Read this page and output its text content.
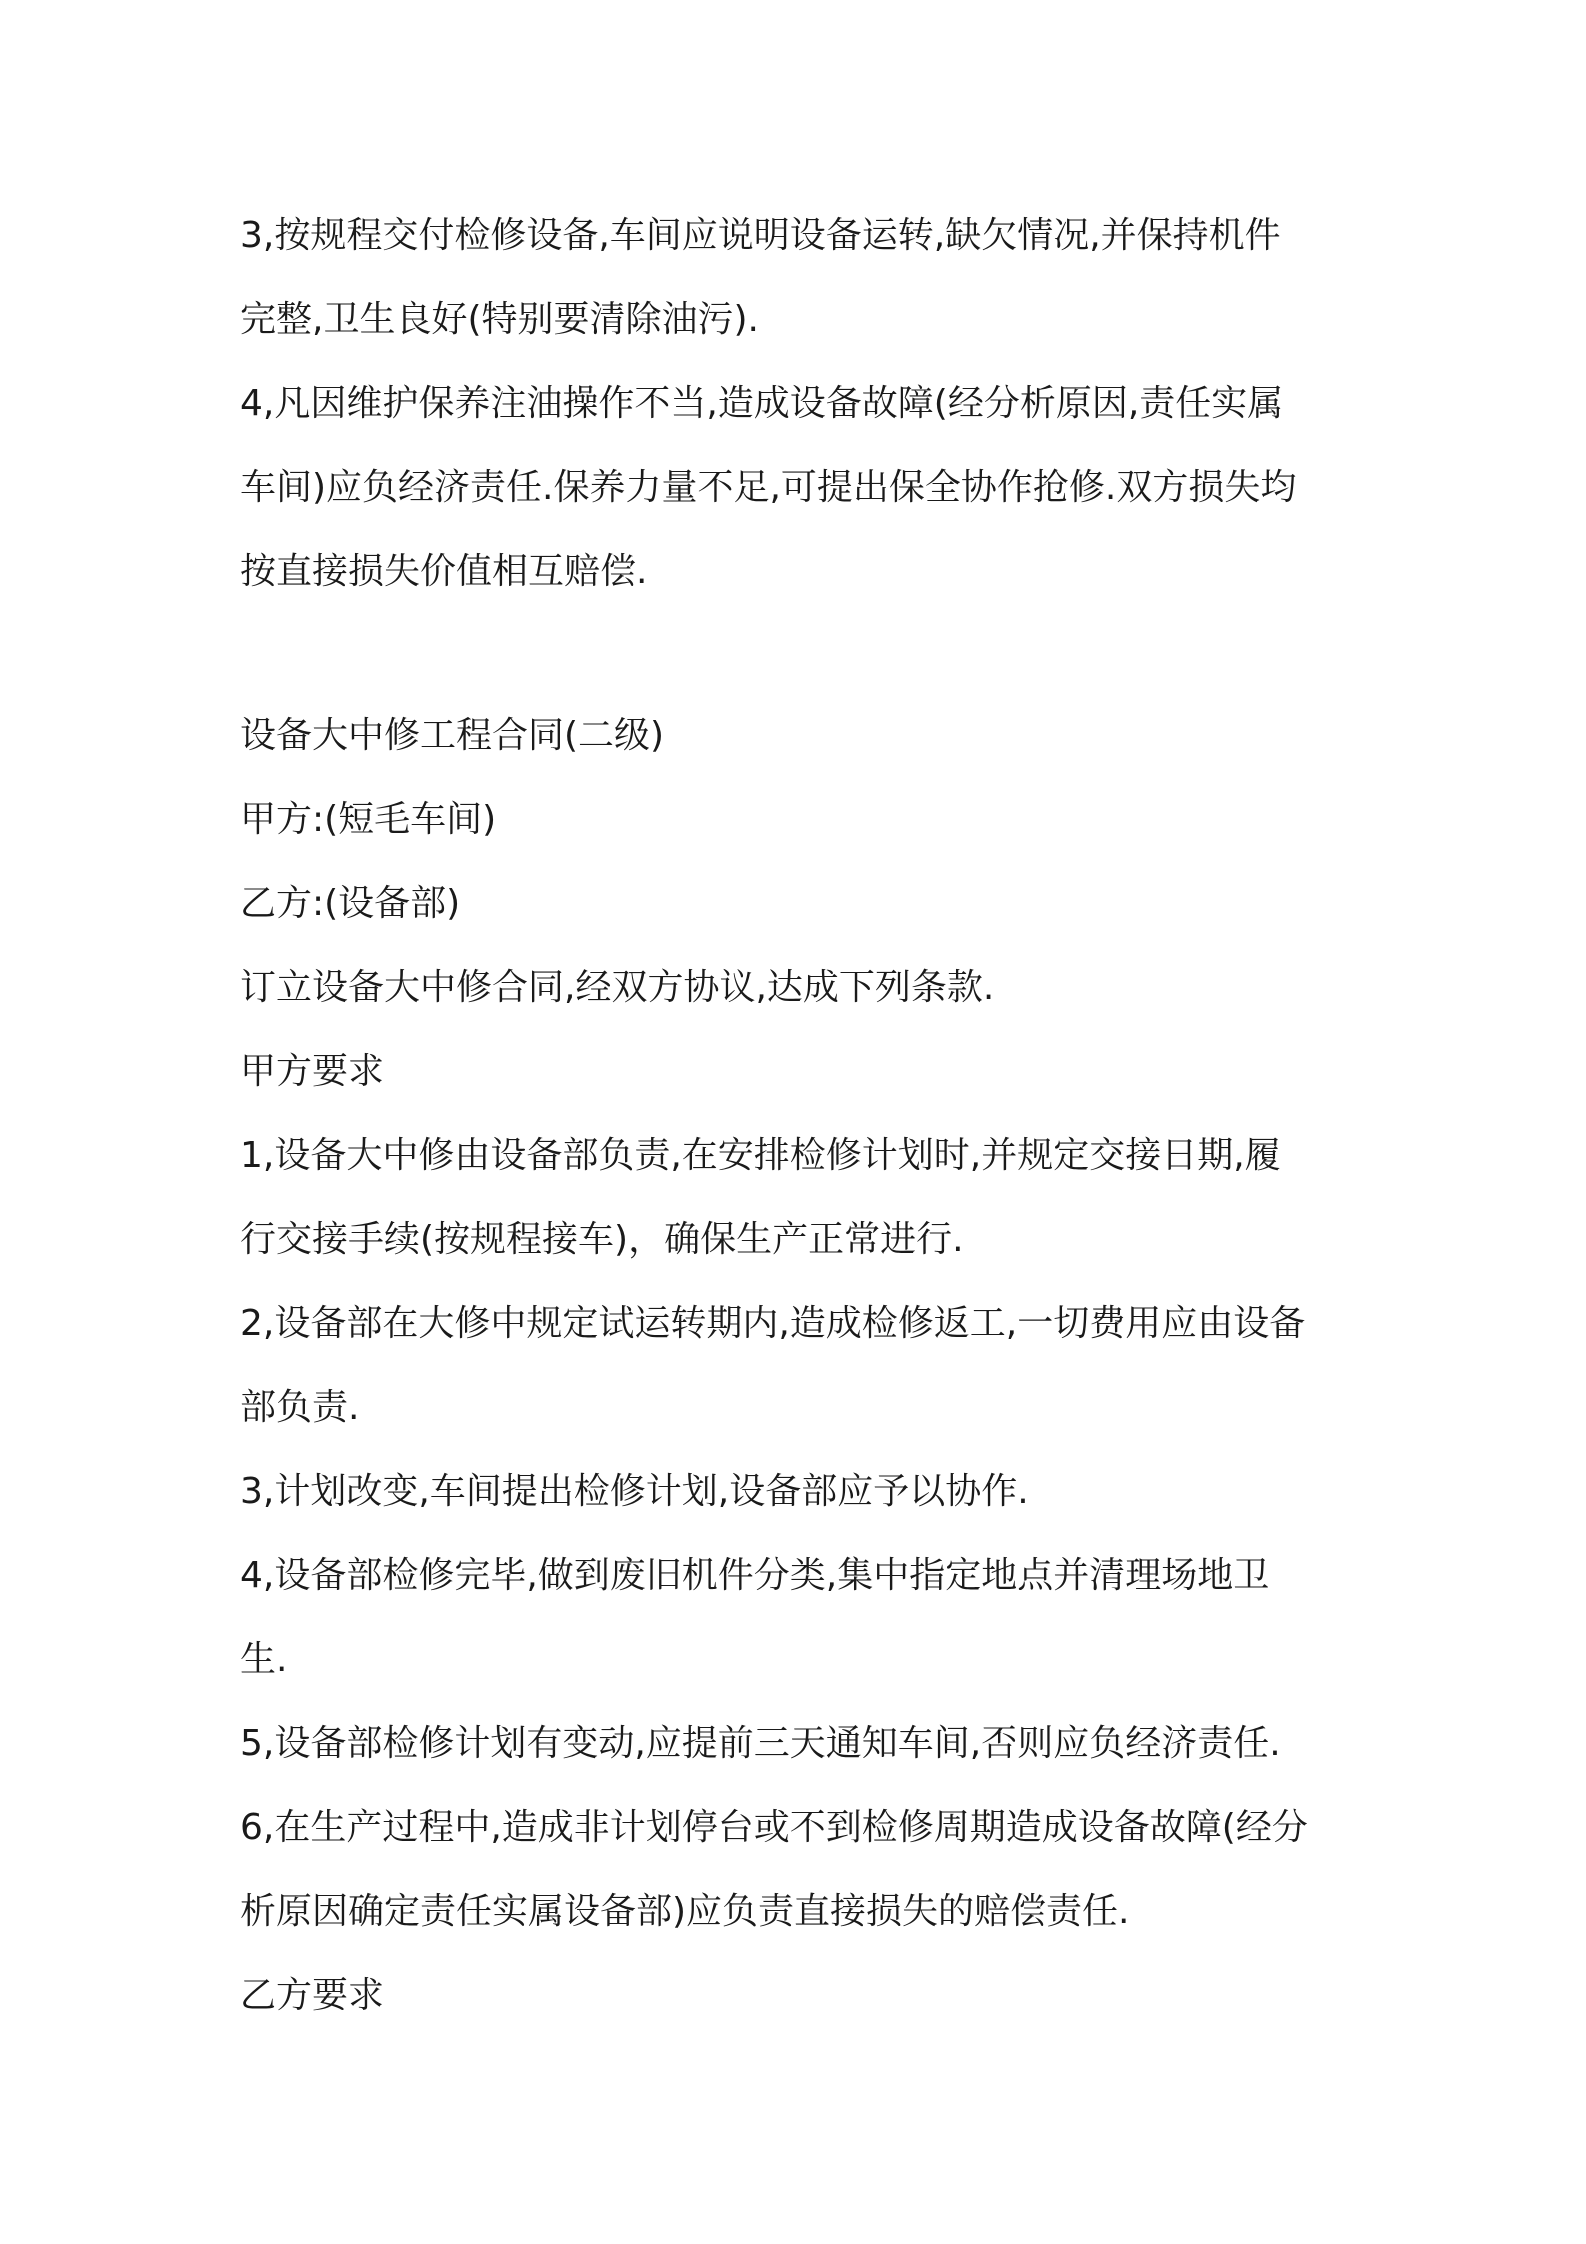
3,按规程交付检修设备,车间应说明设备运转,缺欠情况,并保持机件
完整,卫生良好(特别要清除油污).
4,凡因维护保养注油操作不当,造成设备故障(经分析原因,责任实属
车间)应负经济责任.保养力量不足,可提出保全协作抢修.双方损失均
按直接损失价值相互赔偿.
设备大中修工程合同(二级)
甲方:(短毛车间)
乙方:(设备部)
订立设备大中修合同,经双方协议,达成下列条款.
甲方要求
1,设备大中修由设备部负责,在安排检修计划时,并规定交接日期,履
行交接手续(按规程接车)，确保生产正常进行.
2,设备部在大修中规定试运转期内,造成检修返工,一切费用应由设备
部负责.
3,计划改变,车间提出检修计划,设备部应予以协作.
4,设备部检修完毕,做到废旧机件分类,集中指定地点并清理场地卫
生.
5,设备部检修计划有变动,应提前三天通知车间,否则应负经济责任.
6,在生产过程中,造成非计划停台或不到检修周期造成设备故障(经分
析原因确定责任实属设备部)应负责直接损失的赔偿责任.
乙方要求
